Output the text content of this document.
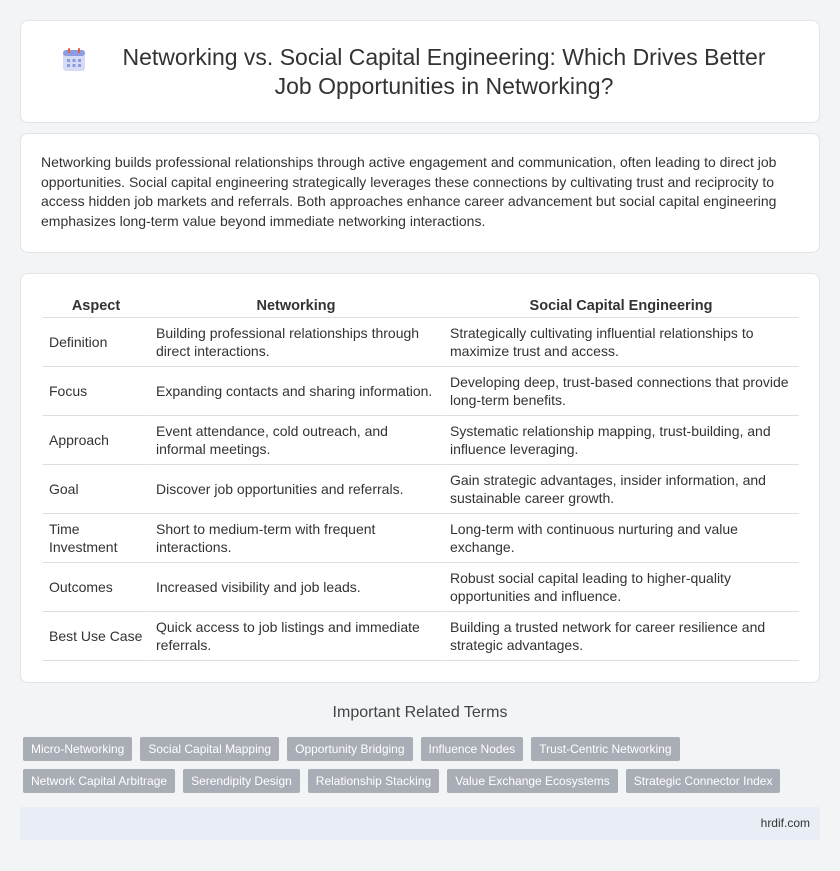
Networking vs. Social Capital Engineering: Which Drives Better Job Opportunities in Networking?

Networking builds professional relationships through active engagement and communication, often leading to direct job opportunities. Social capital engineering strategically leverages these connections by cultivating trust and reciprocity to access hidden job markets and referrals. Both approaches enhance career advancement but social capital engineering emphasizes long-term value beyond immediate networking interactions.

Aspect	Networking	Social Capital Engineering
Definition	Building professional relationships through direct interactions.	Strategically cultivating influential relationships to maximize trust and access.
Focus	Expanding contacts and sharing information.	Developing deep, trust-based connections that provide long-term benefits.
Approach	Event attendance, cold outreach, and informal meetings.	Systematic relationship mapping, trust-building, and influence leveraging.
Goal	Discover job opportunities and referrals.	Gain strategic advantages, insider information, and sustainable career growth.
Time Investment	Short to medium-term with frequent interactions.	Long-term with continuous nurturing and value exchange.
Outcomes	Increased visibility and job leads.	Robust social capital leading to higher-quality opportunities and influence.
Best Use Case	Quick access to job listings and immediate referrals.	Building a trusted network for career resilience and strategic advantages.
Important Related Terms
Micro-Networking	Social Capital Mapping	Opportunity Bridging	Influence Nodes	Trust-Centric Networking
Network Capital Arbitrage	Serendipity Design	Relationship Stacking	Value Exchange Ecosystems	Strategic Connector Index
hrdif.com
